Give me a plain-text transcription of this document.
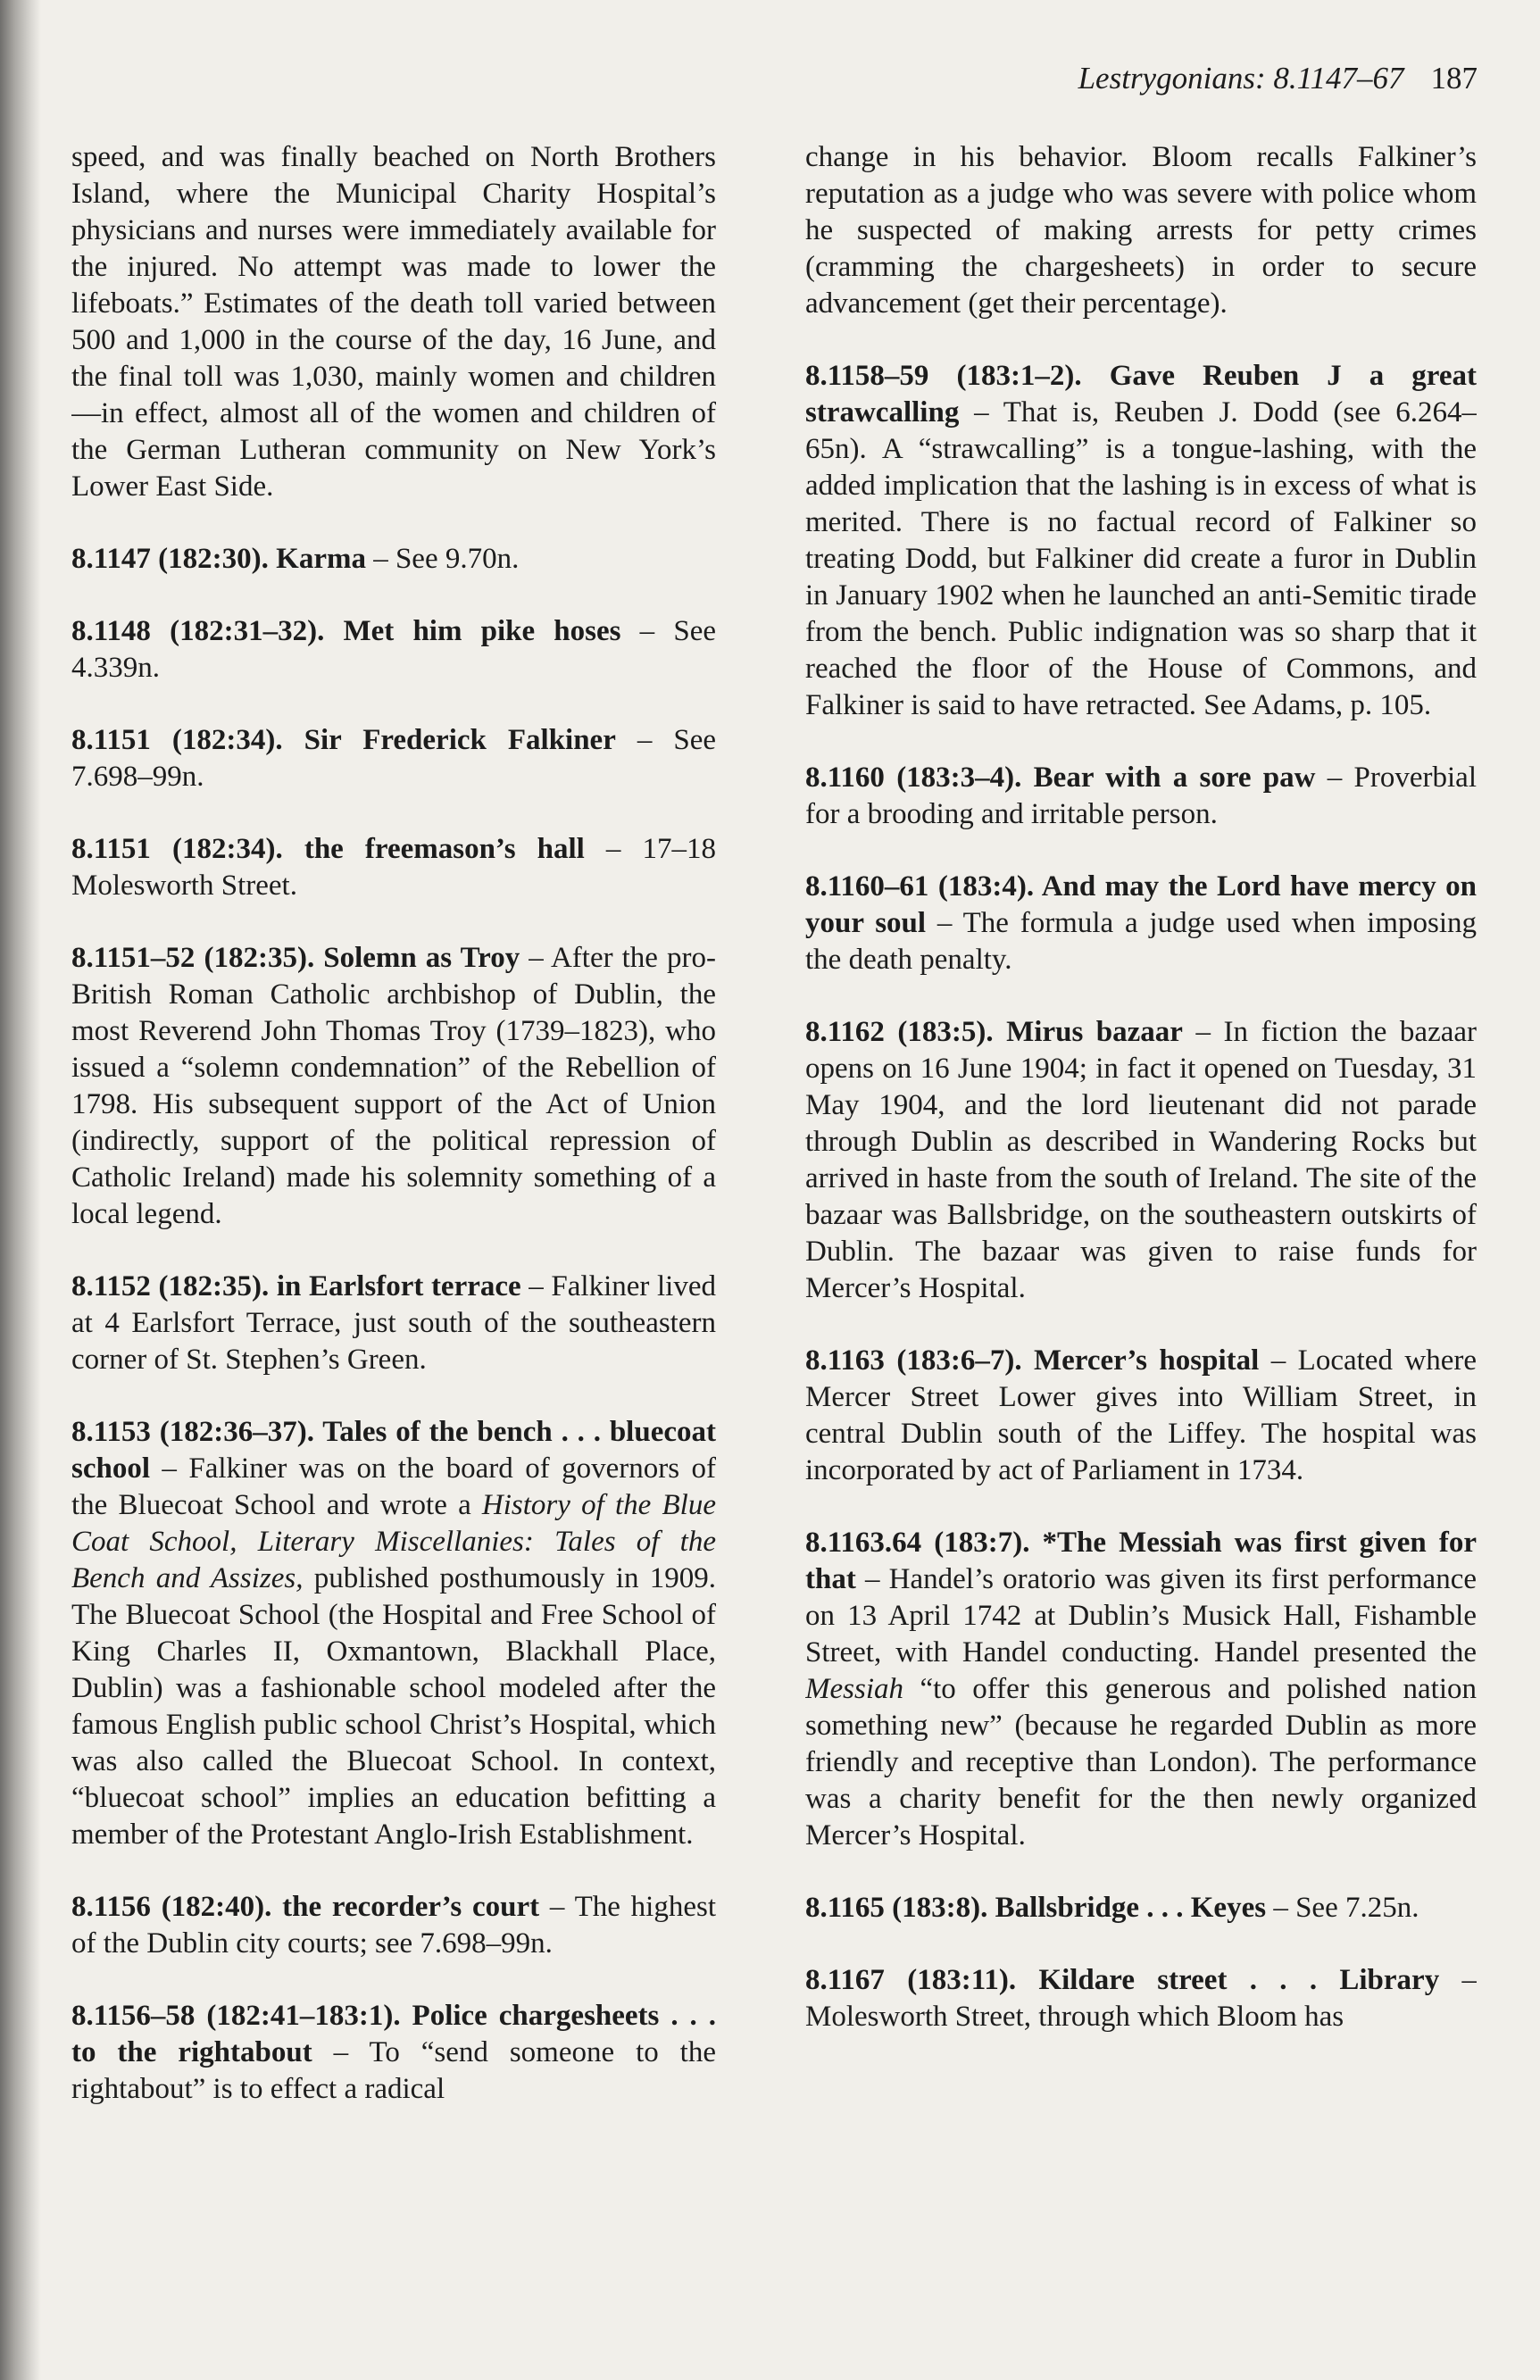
Lestrygonians: 8.1147–67 187

speed, and was finally beached on North Brothers Island, where the Municipal Charity Hospital’s physicians and nurses were immediately available for the injured. No attempt was made to lower the lifeboats.” Estimates of the death toll varied between 500 and 1,000 in the course of the day, 16 June, and the final toll was 1,030, mainly women and children—in effect, almost all of the women and children of the German Lutheran community on New York’s Lower East Side.

8.1147 (182:30). Karma – See 9.70n.

8.1148 (182:31–32). Met him pike hoses – See 4.339n.

8.1151 (182:34). Sir Frederick Falkiner – See 7.698–99n.

8.1151 (182:34). the freemason’s hall – 17–18 Molesworth Street.

8.1151–52 (182:35). Solemn as Troy – After the pro-British Roman Catholic archbishop of Dublin, the most Reverend John Thomas Troy (1739–1823), who issued a “solemn condemnation” of the Rebellion of 1798. His subsequent support of the Act of Union (indirectly, support of the political repression of Catholic Ireland) made his solemnity something of a local legend.

8.1152 (182:35). in Earlsfort terrace – Falkiner lived at 4 Earlsfort Terrace, just south of the southeastern corner of St. Stephen’s Green.

8.1153 (182:36–37). Tales of the bench . . . bluecoat school – Falkiner was on the board of governors of the Bluecoat School and wrote a History of the Blue Coat School, Literary Miscellanies: Tales of the Bench and Assizes, published posthumously in 1909. The Bluecoat School (the Hospital and Free School of King Charles II, Oxmantown, Blackhall Place, Dublin) was a fashionable school modeled after the famous English public school Christ’s Hospital, which was also called the Bluecoat School. In context, “bluecoat school” implies an education befitting a member of the Protestant Anglo-Irish Establishment.

8.1156 (182:40). the recorder’s court – The highest of the Dublin city courts; see 7.698–99n.

8.1156–58 (182:41–183:1). Police chargesheets . . . to the rightabout – To “send someone to the rightabout” is to effect a radical

change in his behavior. Bloom recalls Falkiner’s reputation as a judge who was severe with police whom he suspected of making arrests for petty crimes (cramming the chargesheets) in order to secure advancement (get their percentage).

8.1158–59 (183:1–2). Gave Reuben J a great strawcalling – That is, Reuben J. Dodd (see 6.264–65n). A “strawcalling” is a tongue-lashing, with the added implication that the lashing is in excess of what is merited. There is no factual record of Falkiner so treating Dodd, but Falkiner did create a furor in Dublin in January 1902 when he launched an anti-Semitic tirade from the bench. Public indignation was so sharp that it reached the floor of the House of Commons, and Falkiner is said to have retracted. See Adams, p. 105.

8.1160 (183:3–4). Bear with a sore paw – Proverbial for a brooding and irritable person.

8.1160–61 (183:4). And may the Lord have mercy on your soul – The formula a judge used when imposing the death penalty.

8.1162 (183:5). Mirus bazaar – In fiction the bazaar opens on 16 June 1904; in fact it opened on Tuesday, 31 May 1904, and the lord lieutenant did not parade through Dublin as described in Wandering Rocks but arrived in haste from the south of Ireland. The site of the bazaar was Ballsbridge, on the southeastern outskirts of Dublin. The bazaar was given to raise funds for Mercer’s Hospital.

8.1163 (183:6–7). Mercer’s hospital – Located where Mercer Street Lower gives into William Street, in central Dublin south of the Liffey. The hospital was incorporated by act of Parliament in 1734.

8.1163.64 (183:7). *The Messiah was first given for that – Handel’s oratorio was given its first performance on 13 April 1742 at Dublin’s Musick Hall, Fishamble Street, with Handel conducting. Handel presented the Messiah “to offer this generous and polished nation something new” (because he regarded Dublin as more friendly and receptive than London). The performance was a charity benefit for the then newly organized Mercer’s Hospital.

8.1165 (183:8). Ballsbridge . . . Keyes – See 7.25n.

8.1167 (183:11). Kildare street . . . Library – Molesworth Street, through which Bloom has
